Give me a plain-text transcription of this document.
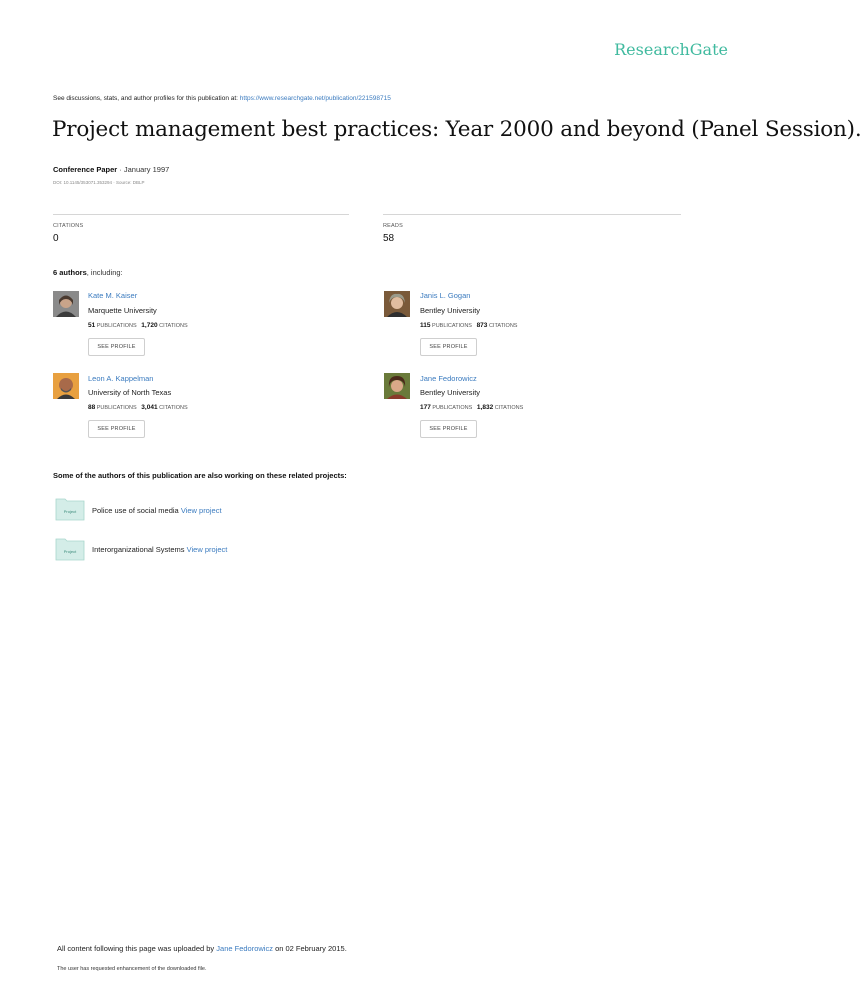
ResearchGate
See discussions, stats, and author profiles for this publication at: https://www.researchgate.net/publication/221598715
Project management best practices: Year 2000 and beyond (Panel Session).
Conference Paper · January 1997
DOI: 10.1145/353071.353294 · Source: DBLP
CITATIONS
0
READS
58
6 authors, including:
Kate M. Kaiser
Marquette University
51 PUBLICATIONS 1,720 CITATIONS
SEE PROFILE
Janis L. Gogan
Bentley University
115 PUBLICATIONS 873 CITATIONS
SEE PROFILE
Leon A. Kappelman
University of North Texas
88 PUBLICATIONS 3,041 CITATIONS
SEE PROFILE
Jane Fedorowicz
Bentley University
177 PUBLICATIONS 1,832 CITATIONS
SEE PROFILE
Some of the authors of this publication are also working on these related projects:
Project Police use of social media View project
Project Interorganizational Systems View project
All content following this page was uploaded by Jane Fedorowicz on 02 February 2015.
The user has requested enhancement of the downloaded file.
